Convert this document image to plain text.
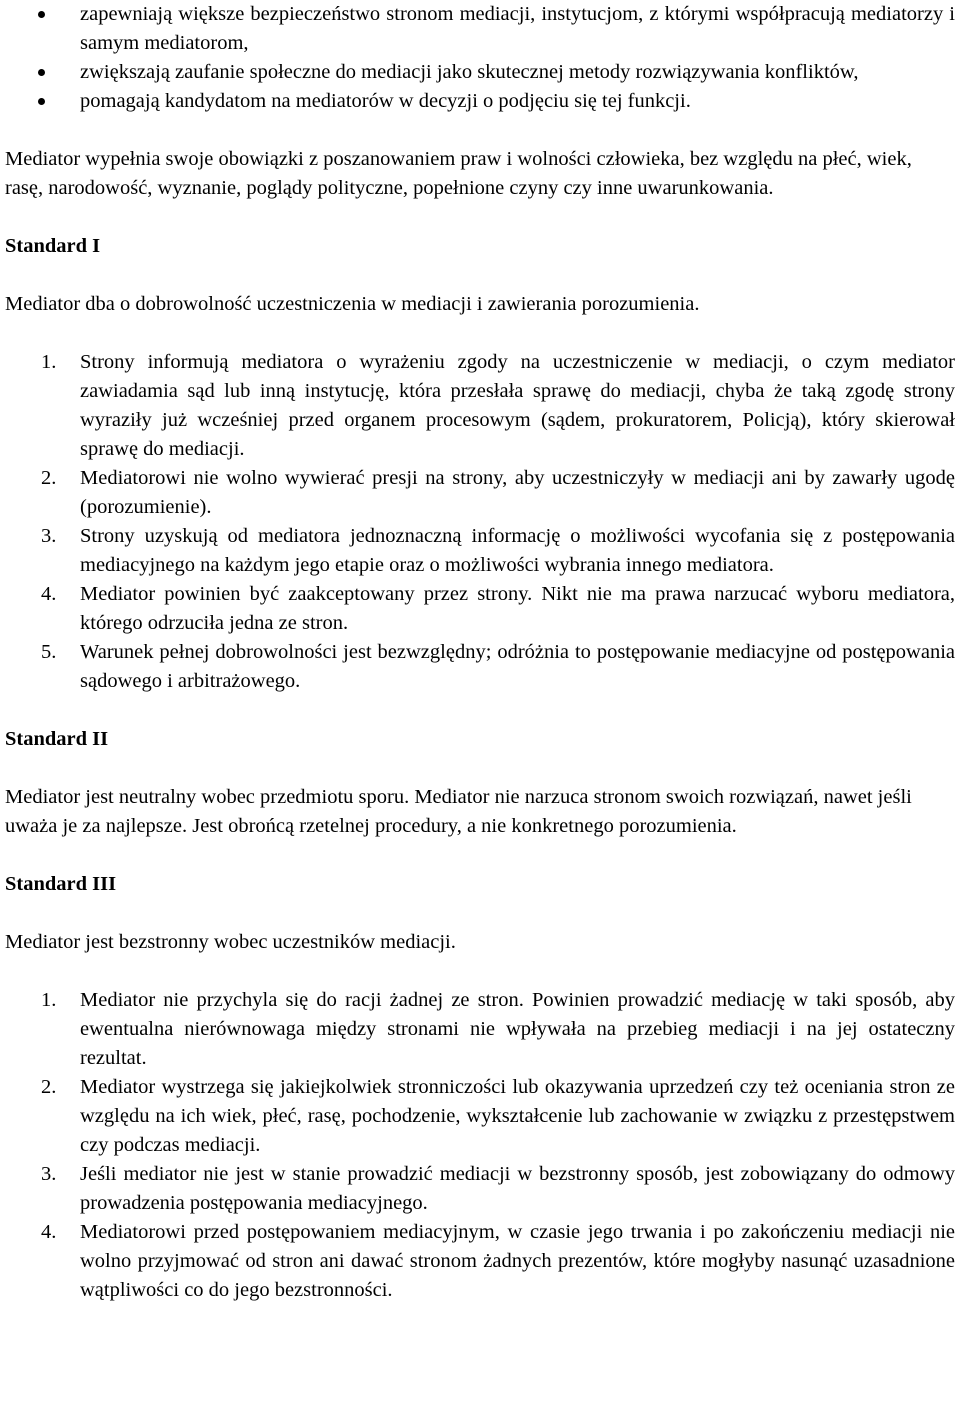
zapewniają większe bezpieczeństwo stronom mediacji, instytucjom, z którymi współpracują mediatorzy i samym mediatorom,
zwiększają zaufanie społeczne do mediacji jako skutecznej metody rozwiązywania konfliktów,
pomagają kandydatom na mediatorów w decyzji o podjęciu się tej funkcji.

Mediator wypełnia swoje obowiązki z poszanowaniem praw i wolności człowieka, bez względu na płeć, wiek, rasę, narodowość, wyznanie, poglądy polityczne, popełnione czyny czy inne uwarunkowania.

Standard I

Mediator dba o dobrowolność uczestniczenia w mediacji i zawierania porozumienia.

1. Strony informują mediatora o wyrażeniu zgody na uczestniczenie w mediacji, o czym mediator zawiadamia sąd lub inną instytucję, która przesłała sprawę do mediacji, chyba że taką zgodę strony wyraziły już wcześniej przed organem procesowym (sądem, prokuratorem, Policją), który skierował sprawę do mediacji.
2. Mediatorowi nie wolno wywierać presji na strony, aby uczestniczyły w mediacji ani by zawarły ugodę (porozumienie).
3. Strony uzyskują od mediatora jednoznaczną informację o możliwości wycofania się z postępowania mediacyjnego na każdym jego etapie oraz o możliwości wybrania innego mediatora.
4. Mediator powinien być zaakceptowany przez strony. Nikt nie ma prawa narzucać wyboru mediatora, którego odrzuciła jedna ze stron.
5. Warunek pełnej dobrowolności jest bezwzględny; odróżnia to postępowanie mediacyjne od postępowania sądowego i arbitrażowego.

Standard II

Mediator jest neutralny wobec przedmiotu sporu. Mediator nie narzuca stronom swoich rozwiązań, nawet jeśli uważa je za najlepsze. Jest obrońcą rzetelnej procedury, a nie konkretnego porozumienia.

Standard III

Mediator jest bezstronny wobec uczestników mediacji.

1. Mediator nie przychyla się do racji żadnej ze stron. Powinien prowadzić mediację w taki sposób, aby ewentualna nierównowaga między stronami nie wpływała na przebieg mediacji i na jej ostateczny rezultat.
2. Mediator wystrzega się jakiejkolwiek stronniczości lub okazywania uprzedzeń czy też oceniania stron ze względu na ich wiek, płeć, rasę, pochodzenie, wykształcenie lub zachowanie w związku z przestępstwem czy podczas mediacji.
3. Jeśli mediator nie jest w stanie prowadzić mediacji w bezstronny sposób, jest zobowiązany do odmowy prowadzenia postępowania mediacyjnego.
4. Mediatorowi przed postępowaniem mediacyjnym, w czasie jego trwania i po zakończeniu mediacji nie wolno przyjmować od stron ani dawać stronom żadnych prezentów, które mogłyby nasunąć uzasadnione wątpliwości co do jego bezstronności.
